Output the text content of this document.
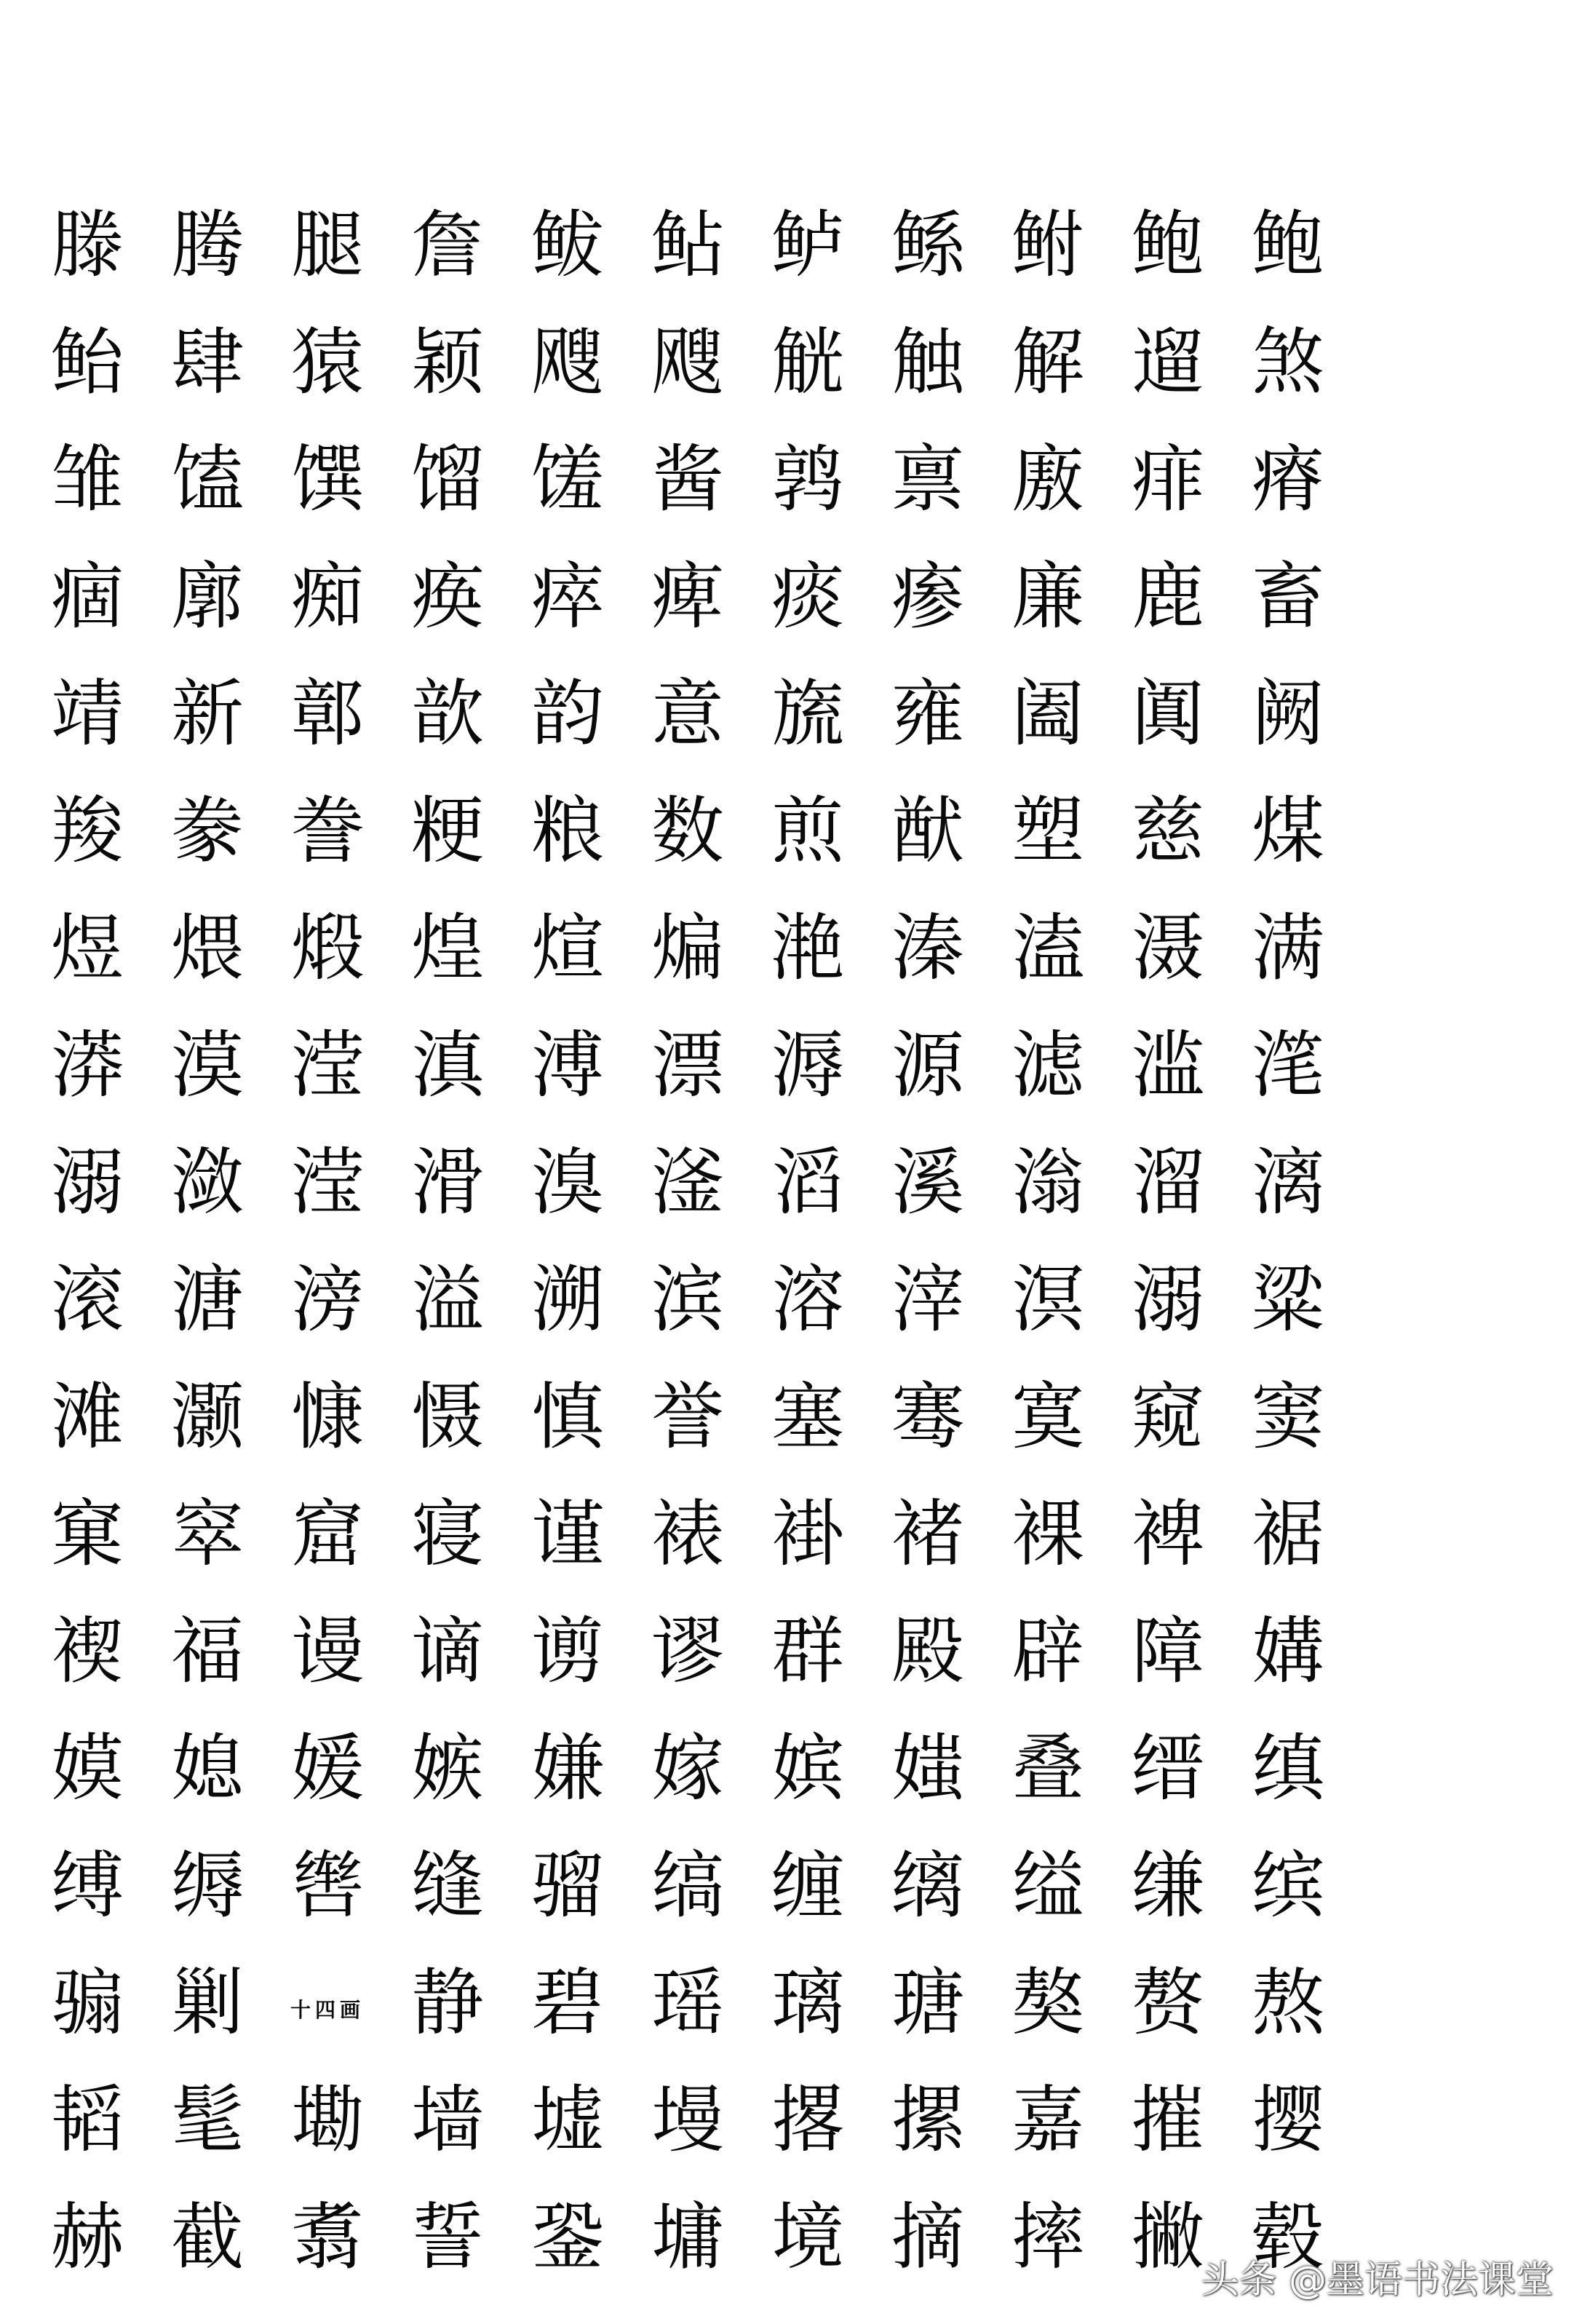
滕 腾 腿 詹 鲅 鲇 鲈 鲧 鲋 鲍 鲍
鲐 肆 猿 颖 飕 飕 觥 触 解 遛 煞
雏 馌 馔 馏 馐 酱 鹑 禀 廒 痱 瘠
痼 廓 痴 痪 瘁 痺 痰 瘆 廉 鹿 畜
靖 新 鄣 歆 韵 意 旒 雍 阖 阗 阙
羧 豢 誊 粳 粮 数 煎 猷 塑 慈 煤
煜 煨 煅 煌 煊 煸 滟 溱 溘 滠 满
漭 漠 滢 滇 溥 漂 溽 源 滤 滥 滗
溺 潋 滢 滑 溴 滏 滔 溪 滃 溜 漓
滚 溏 滂 溢 溯 滨 溶 滓 溟 溺 粱
滩 灏 慷 慑 慎 誉 塞 骞 寞 窥 窦
窠 窣 窟 寝 谨 裱 褂 褚 裸 裨 裾
褉 福 谩 谪 谫 谬 群 殿 辟 障 媾
嫫 媳 媛 嫉 嫌 嫁 嫔 媸 叠 缙 缜
缚 缛 辔 缝 骝 缟 缠 缡 缢 缣 缤
骟 剿	十四画 静 碧 瑶 璃 瑭 獒 赘 熬
韬 髦 墈 墙 墟 墁 撂 摞 嘉 摧 撄
赫 截 翥 誓 銎 墉 境 摘 摔 撇 毂
头条 @墨语书法课堂
